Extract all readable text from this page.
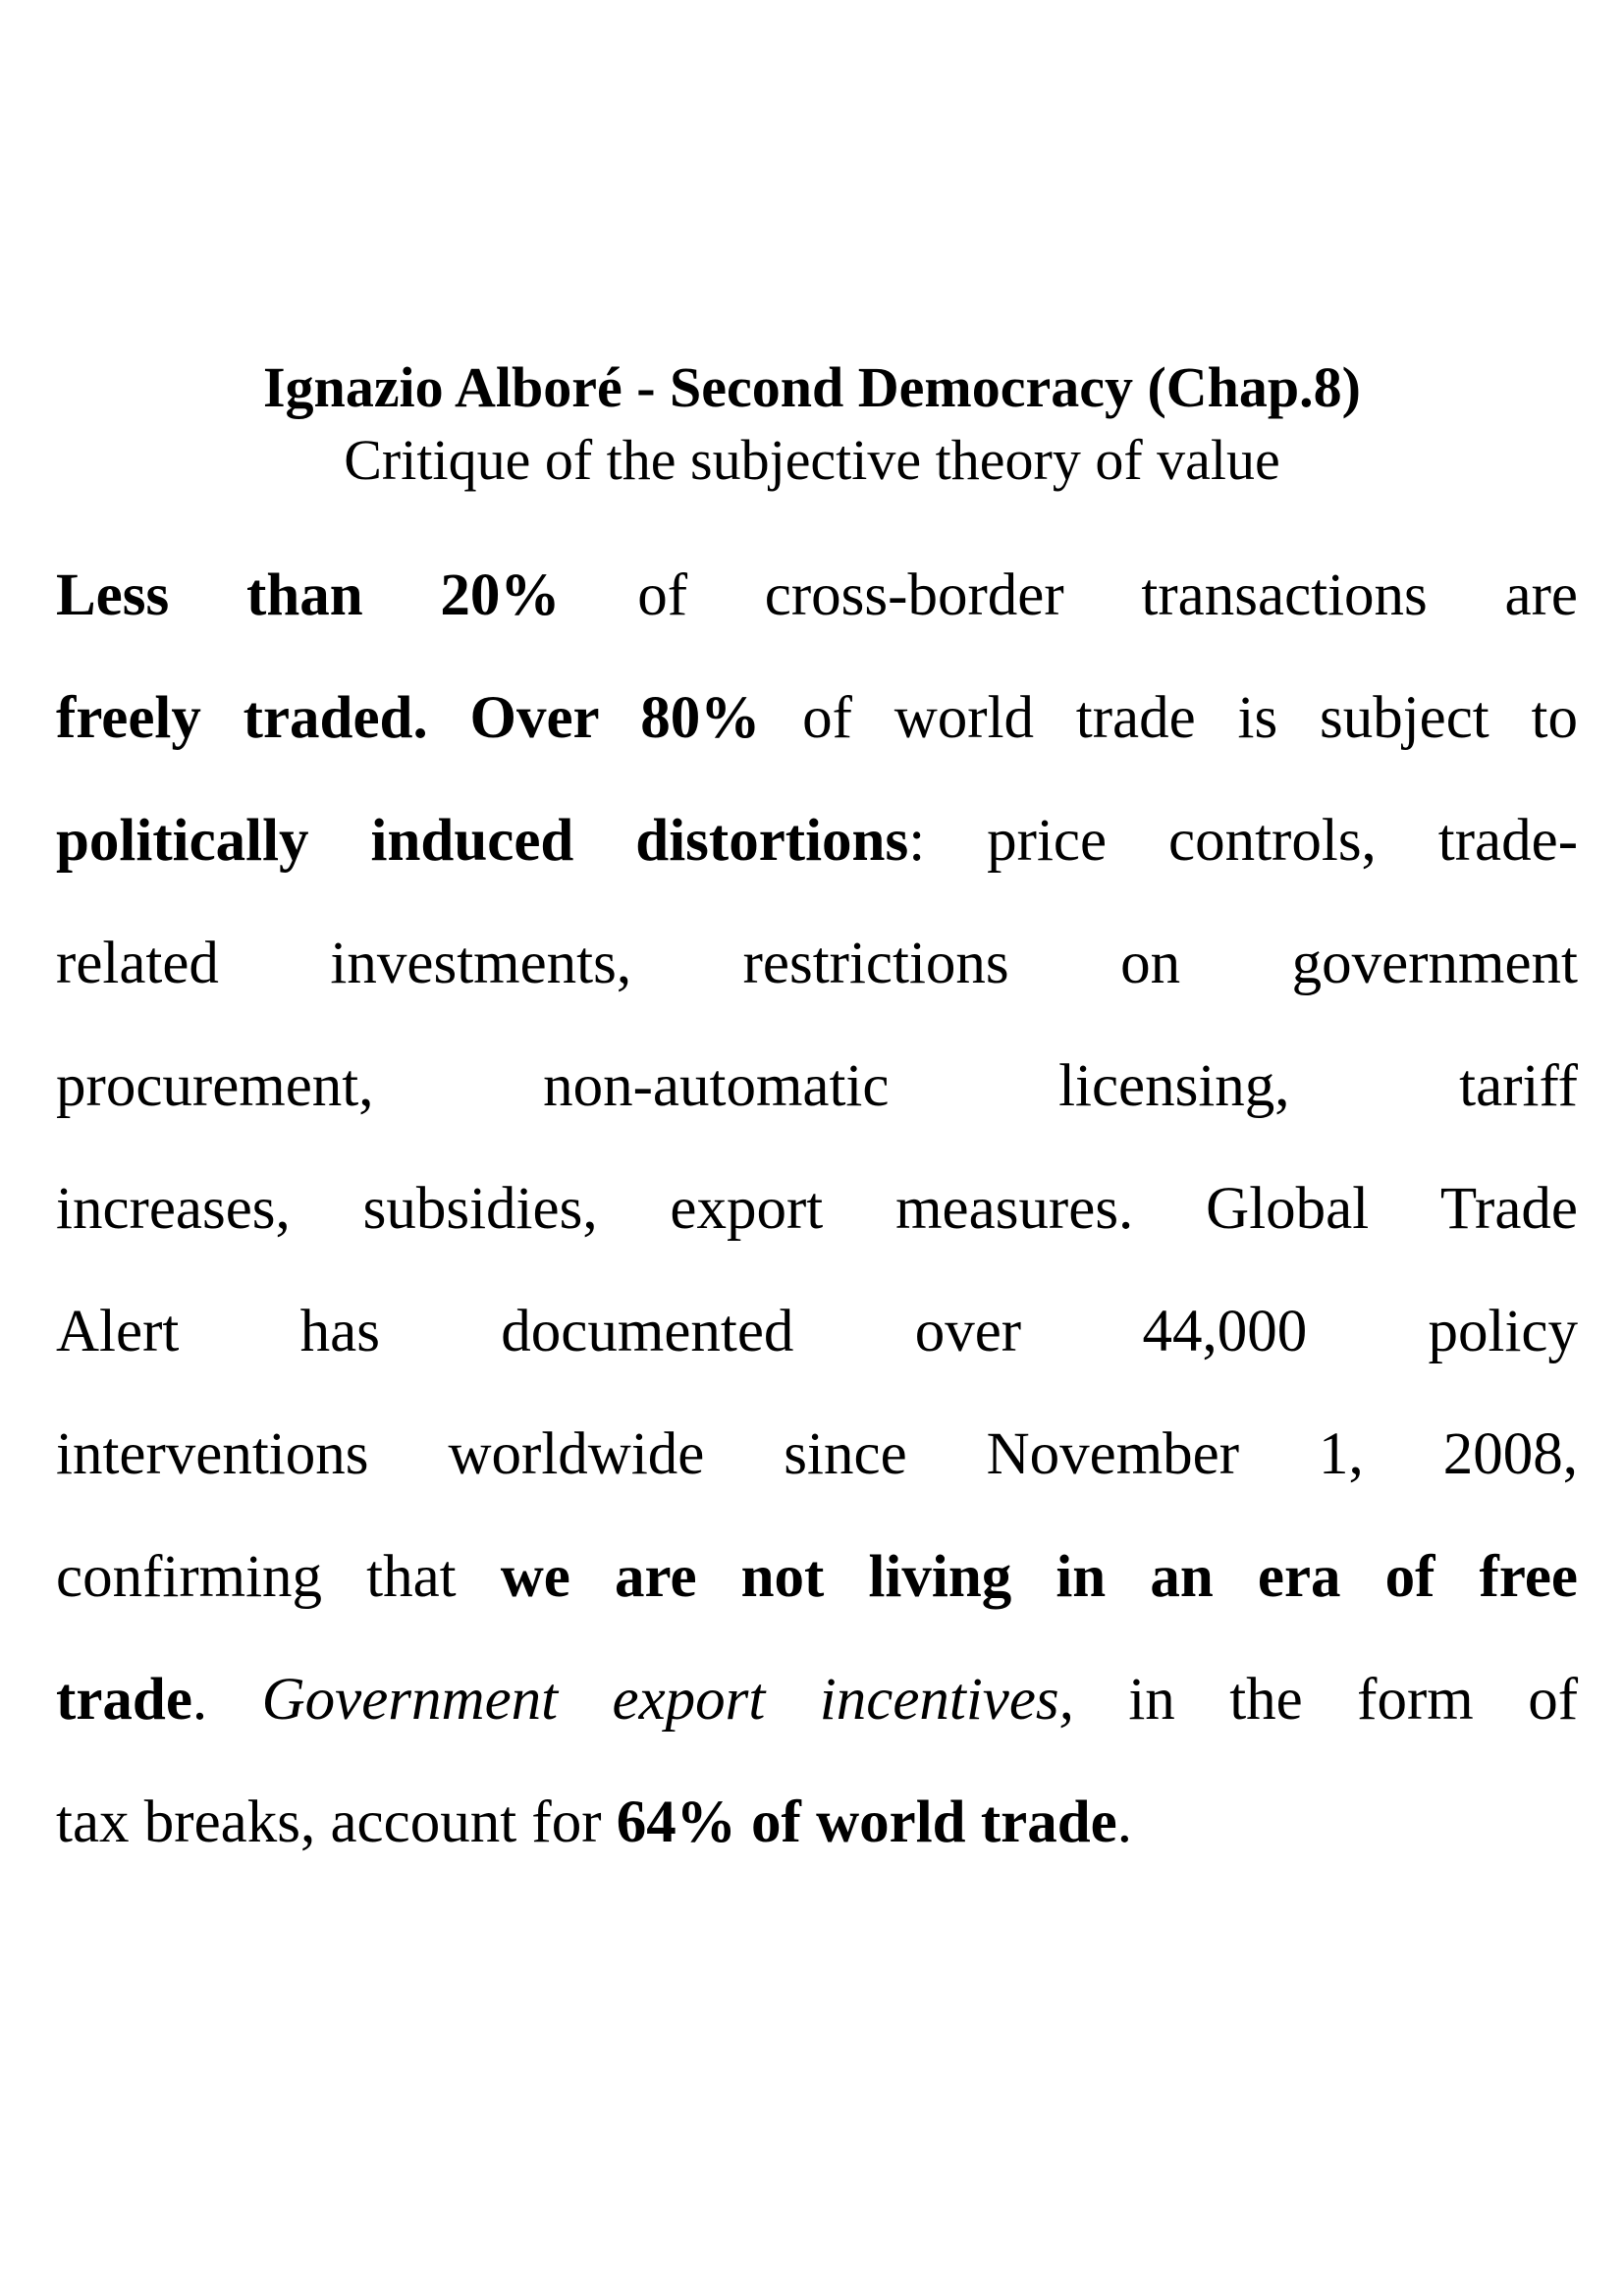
Ignazio Alboré - Second Democracy (Chap.8)
Critique of the subjective theory of value
Less than 20% of cross-border transactions are
freely traded. Over 80% of world trade is subject to
politically induced distortions: price controls, trade-
related investments, restrictions on government
procurement, non-automatic licensing, tariff
increases, subsidies, export measures. Global Trade
Alert has documented over 44,000 policy
interventions worldwide since November 1, 2008,
confirming that we are not living in an era of free
trade. Government export incentives, in the form of
tax breaks, account for 64% of world trade.
